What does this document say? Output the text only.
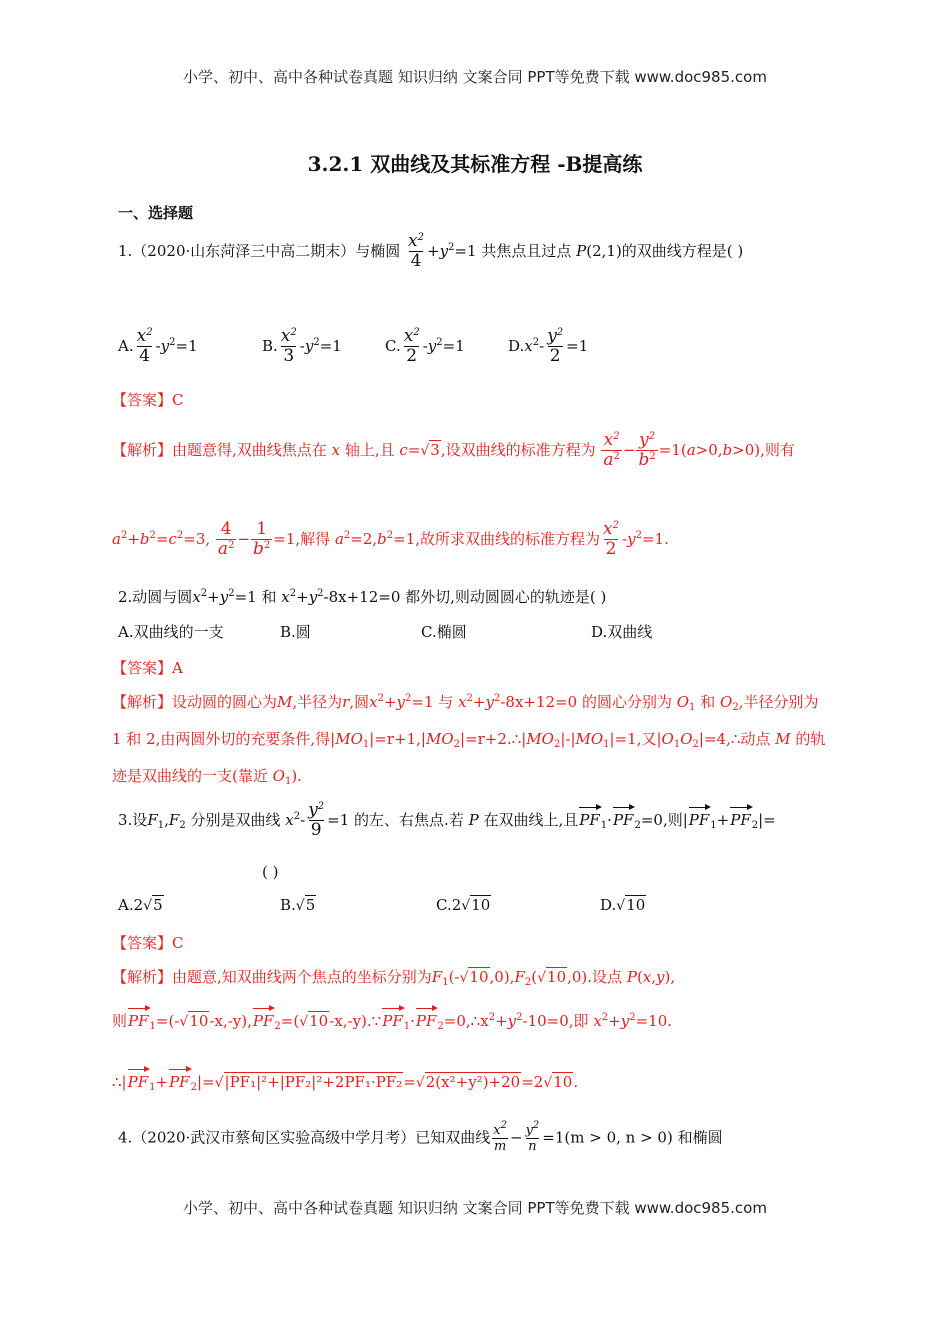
小学、初中、高中各种试卷真题 知识归纳 文案合同 PPT等免费下载 www.doc985.com
3.2.1 双曲线及其标准方程 -B提高练
一、选择题
1.（2020·山东菏泽三中高二期末）与椭圆 $\frac{x^2}{4} +y^2=1$ 共焦点且过点 P(2,1)的双曲线方程是( )
A. $\frac{x^2}{4} -y^2=1$	B. $\frac{x^2}{3} -y^2=1$	C. $\frac{x^2}{2} -y^2=1$	$D.x^2- \frac{y^2}{2} =1$
【答案】C
【解析】由题意得,双曲线焦点在 x 轴上,且 c=√3,设双曲线的标准方程为 $\frac{x^2}{a^2} - \frac{y^2}{b^2} =1(a>0,b>0)$,则有
$a^2+b^2=c^2=3$, $\frac{4}{a^2} - \frac{1}{b^2} =1$,解得 $a^2=2,b^2=1$,故所求双曲线的标准方程为 $\frac{x^2}{2} -y^2=1$.
2.动圆与圆$x^2+y^2=1$ 和 $x^2+y^2-8x+12=0$ 都外切,则动圆圆心的轨迹是( )
A.双曲线的一支	B.圆	C.椭圆	D.双曲线
【答案】A
【解析】设动圆的圆心为M,半径为r,圆$x^2+y^2=1$ 与 $x^2+y^2-8x+12=0$ 的圆心分别为 $O_1$ 和 $O_2$,半径分别为
1 和 2,由两圆外切的充要条件,得$|MO_1|=r+1,|MO_2|=r+2.\therefore|MO_2|-|MO_1|=1$,又$|O_1O_2|=4,\therefore$动点 M 的轨
迹是双曲线的一支(靠近 $O_1$).
3.设$F_1,F_2$ 分别是双曲线 $x^2- \frac{y^2}{9} =1$ 的左、右焦点.若 P 在双曲线上,且$PF_1\cdot PF_2=0$,则$|PF_1+PF_2|=$
( )
A.2√5	B.√5	C.2√10	D.√10
【答案】C
【解析】由题意,知双曲线两个焦点的坐标分别为$F_1(-√10,0),F_2(√10,0)$.设点 P(x,y),
则$PF_1=(-√10-x,-y),PF_2=(√10-x,-y).\because PF_1\cdot PF_2=0,\therefore x^2+y^2-10=0$,即 $x^2+y^2=10$.
$\therefore|PF_1+PF_2|=√|PF_1|^2+|PF_2|^2+2PF_1\cdot PF_2=√2(x^2+y^2)+20=2√10$.
4.（2020·武汉市蔡甸区实验高级中学月考）已知双曲线 $\frac{x^2}{m} - \frac{y^2}{n} =1(m > 0$, n > 0) 和椭圆
小学、初中、高中各种试卷真题 知识归纳 文案合同 PPT等免费下载 www.doc985.com
